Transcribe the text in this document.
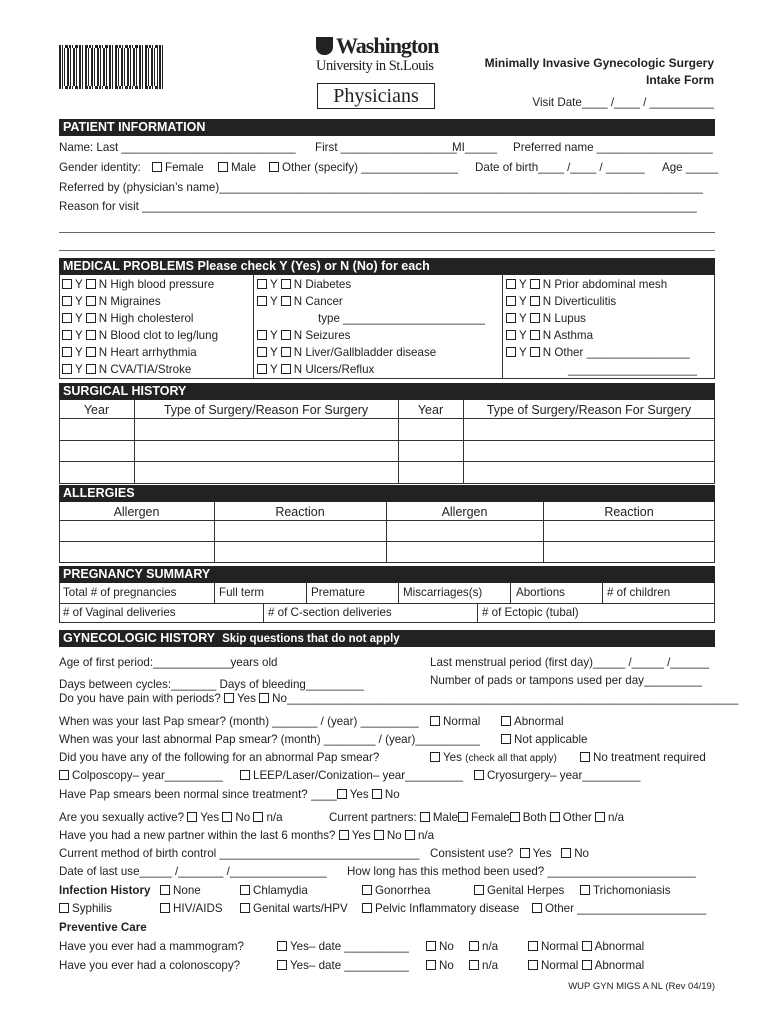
Washington
University in St.Louis
Physicians
Minimally Invasive Gynecologic Surgery
Intake Form
Visit Date____ /____ / __________
PATIENT INFORMATION
Name: Last ___________________________ First __________________
MI_____ Preferred name __________________
Gender identity:	Female	Male	Other (specify) _______________ Date of birth____ /____ / ______ Age _____
Referred by (physician’s name)___________________________________________________________________________
Reason for visit ______________________________________________________________________________________
MEDICAL PROBLEMS Please check Y (Yes) or N (No) for each
Y N High blood pressure
Y N Migraines
Y N High cholesterol
Y N Blood clot to leg/lung
Y N Heart arrhythmia
Y N CVA/TIA/Stroke
Y N Diabetes
Y N Cancer
type ______________________
Y N Seizures
Y N Liver/Gallbladder disease
Y N Ulcers/Reflux
Y N Prior abdominal mesh
Y N Diverticulitis
Y N Lupus
Y N Asthma
Y N Other ________________
____________________
SURGICAL HISTORY
Year	Type of Surgery/Reason For Surgery	Year	Type of Surgery/Reason For Surgery
ALLERGIES
Allergen	Reaction	Allergen	Reaction
PREGNANCY SUMMARY
Total # of pregnancies	Full term	Premature	Miscarriages(s)	Abortions	# of children
# of Vaginal deliveries	# of C-section deliveries	# of Ectopic (tubal)
GYNECOLOGIC HISTORY Skip questions that do not apply
Age of first period:____________years old	Last menstrual period (first day)_____ /_____ /______
Days between cycles:_______ Days of bleeding_________	Number of pads or tampons used per day_________
Do you have pain with periods? Yes No______________________________________________________________________
When was your last Pap smear? (month) _______ / (year) _________	Normal	Abnormal
When was your last abnormal Pap smear? (month) ________ / (year)__________	Not applicable
Did you have any of the following for an abnormal Pap smear?	Yes (check all that apply)	No treatment required
Colposcopy– year_________	LEEP/Laser/Conization– year_________	Cryosurgery– year_________
Have Pap smears been normal since treatment? ____ Yes No
Are you sexually active? Yes No n/a	Current partners: Male Female Both Other n/a
Have you had a new partner within the last 6 months? Yes No n/a
Current method of birth control _______________________________ Consistent use? Yes No
Date of last use_____ /_______ /_______________ How long has this method been used? _______________________
Infection History	None	Chlamydia	Gonorrhea	Genital Herpes	Trichomoniasis
Syphilis	HIV/AIDS	Genital warts/HPV	Pelvic Inflammatory disease	Other ____________________
Preventive Care
Have you ever had a mammogram?	Yes– date __________	No n/a	Normal Abnormal
Have you ever had a colonoscopy?	Yes– date __________	No n/a	Normal Abnormal
WUP GYN MIGS A NL (Rev 04/19)
